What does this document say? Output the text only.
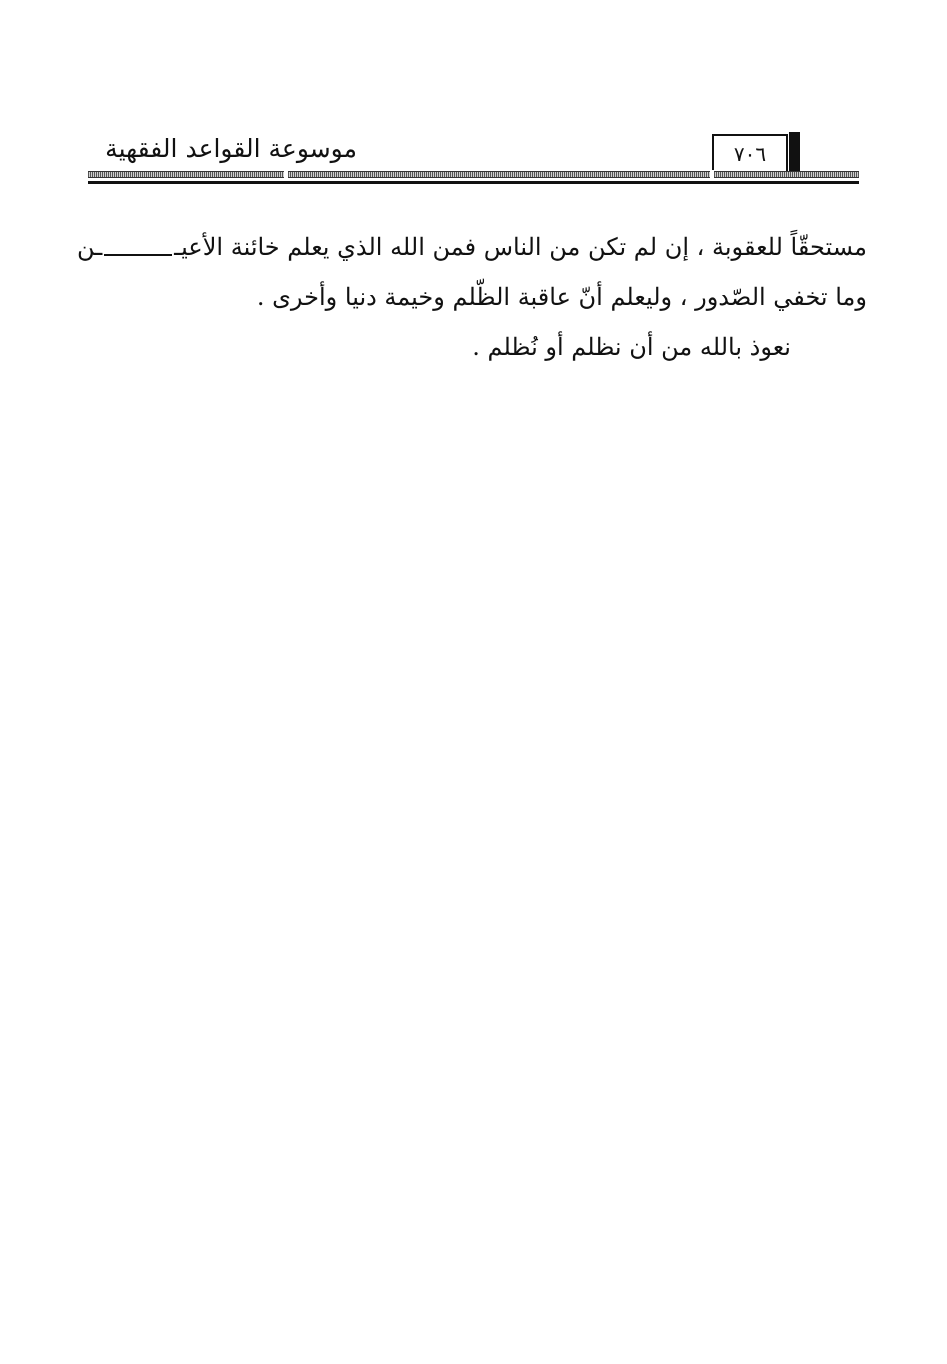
موسوعة القواعد الفقهية	٧٠٦
مستحقّاً للعقوبة ، إن لم تكن من الناس فمن الله الذي يعلم خائنة الأعيـ
ـن
وما تخفي الصّدور ، وليعلم أنّ عاقبة الظّلم وخيمة دنيا وأخرى .
نعوذ بالله من أن نظلم أو نُظلم .
